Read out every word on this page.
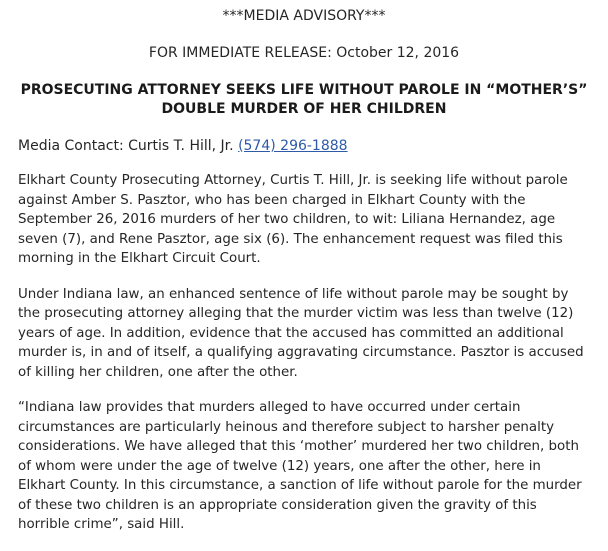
***MEDIA ADVISORY***

FOR IMMEDIATE RELEASE: October 12, 2016

PROSECUTING ATTORNEY SEEKS LIFE WITHOUT PAROLE IN “MOTHER’S”
DOUBLE MURDER OF HER CHILDREN

Media Contact: Curtis T. Hill, Jr. (574) 296-1888

Elkhart County Prosecuting Attorney, Curtis T. Hill, Jr. is seeking life without parole against Amber S. Pasztor, who has been charged in Elkhart County with the September 26, 2016 murders of her two children, to wit: Liliana Hernandez, age seven (7), and Rene Pasztor, age six (6). The enhancement request was filed this morning in the Elkhart Circuit Court.

Under Indiana law, an enhanced sentence of life without parole may be sought by the prosecuting attorney alleging that the murder victim was less than twelve (12) years of age. In addition, evidence that the accused has committed an additional murder is, in and of itself, a qualifying aggravating circumstance. Pasztor is accused of killing her children, one after the other.

“Indiana law provides that murders alleged to have occurred under certain circumstances are particularly heinous and therefore subject to harsher penalty considerations. We have alleged that this ‘mother’ murdered her two children, both of whom were under the age of twelve (12) years, one after the other, here in Elkhart County. In this circumstance, a sanction of life without parole for the murder of these two children is an appropriate consideration given the gravity of this horrible crime”, said Hill.
